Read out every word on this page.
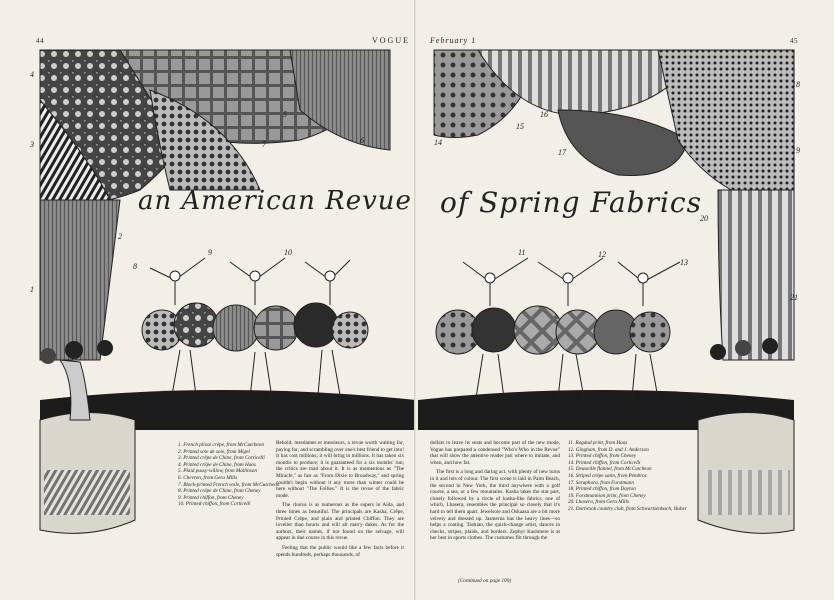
44	VOGUE
an American Revue
4
3
1
2
5
6
7
8
9	10
1. French plissé crêpe, from McCutcheon
2. Printed soie de soie, from Migel
3. Printed crêpe de Chine, from Corticelli
4. Printed crêpe de Chine, from Haas
5. Plaid pussy-willow, from Mallinson
6. Chevron, from Gera Mills
7. Block-printed French voile, from McCutcheon
8. Printed crêpe de Chine, from Cheney
9. Printed chiffon, from Cheney
10. Printed chiffon, from Corticelli

Behold, mesdames et messieurs, a revue worth waiting for, paying for, and scrambling over one's best friend to get into! It has cost millions; it will bring in millions. It has taken six months to produce; it is guaranteed for a six months' run; the critics are mad about it. It is as momentous as "The Miracle," as fast as "From Dixie to Broadway," and spring couldn't begin without it any more than winter could be here without "The Follies." It is the revue of the fabric mode.

The chorus is as numerous as the supers in Aïda, and three times as beautiful. The principals are Kasha, Crêpe, Printed Crêpe, and plain and printed Chiffon. They are lovelier than houris and will all marry dukes. As for the authors, their names, if not found on the selvage, will appear in due course in this revue.

Feeling that the public would like a few facts before it spends hundreds, perhaps thousands, of

February 1	45
of Spring Fabrics
14
15
16
17
18
19
20
21
11	12
13

dollars to leave its seats and become part of the new mode, Vogue has prepared a condensed "Who's Who in the Revue" that will show the attentive reader just where to imitate, and when, and how far.

The first is a long and daring act, with plenty of new turns in it and lots of colour. The first scene is laid in Palm Beach, the second in New York, the third anywhere with a golf course, a sea, or a few mountains. Kasha takes the star part, closely followed by a circle of kasha-like fabrics, one of which, Lhasera, resembles the principal so closely that it's hard to tell them apart. Jewelsoie and Oskaasa are a bit more velvety and dressed up. Jasmerna has the heavy lines—so helps a coating. Tashian, the quick-change artist, dances in checks, stripes, plaids, and borders. Zephyr Kashmere is at her best in sports clothes. The costumes flit through the

(Continued on page 100)
11. Bagdad print, from Haas
12. Gingham, from D. and J. Anderson
13. Printed chiffon, from Cheney
14. Printed chiffon, from Corticelli
15. Deauville flannel, from McCutcheon
16. Striped crêpe satin, from Pembroz
17. Seraphora, from Forstmann
18. Printed chiffon, from Dayton
19. Forstmannion print, from Cheney
20. Lhasera, from Gera Mills
21. Darbrook country club, from Schwartzenbach, Huber
